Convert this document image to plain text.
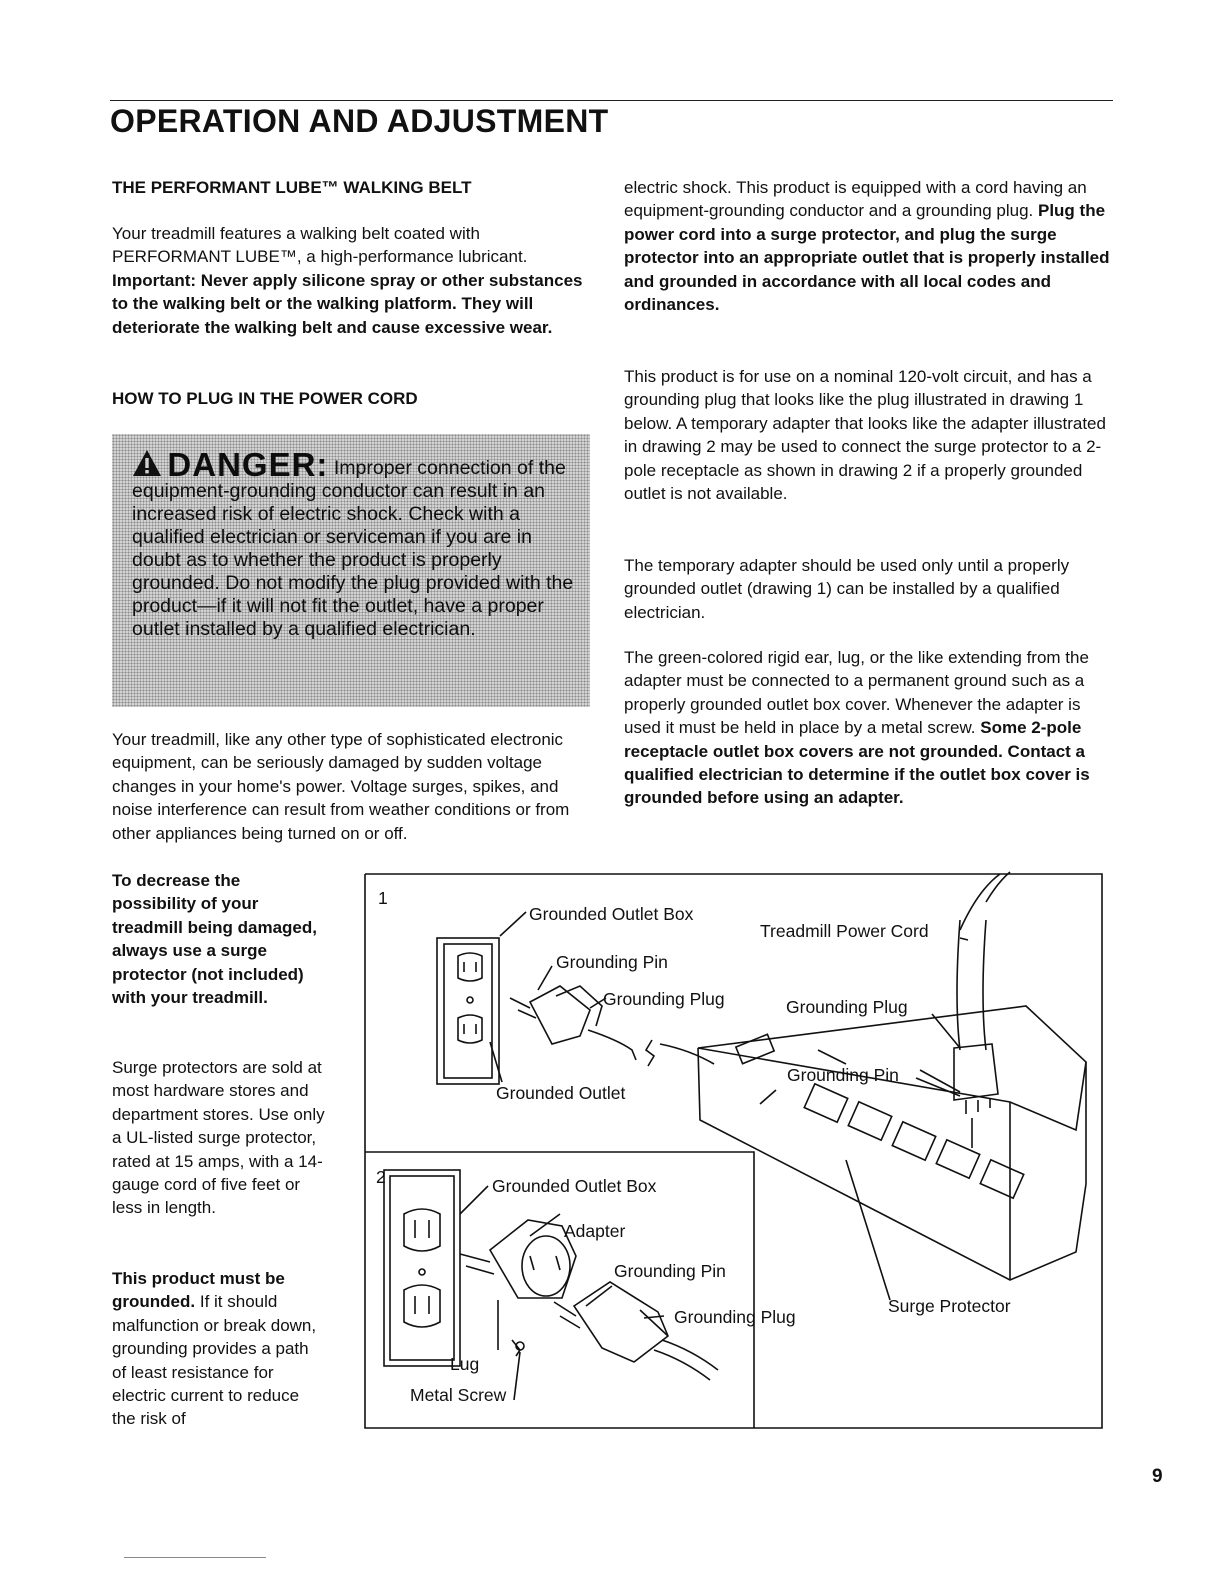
OPERATION AND ADJUSTMENT
THE PERFORMANT LUBE™ WALKING BELT
Your treadmill features a walking belt coated with PERFORMANT LUBE™, a high-performance lubricant. Important: Never apply silicone spray or other substances to the walking belt or the walking platform. They will deteriorate the walking belt and cause excessive wear.
HOW TO PLUG IN THE POWER CORD
DANGER: Improper connection of the equipment-grounding conductor can result in an increased risk of electric shock. Check with a qualified electrician or serviceman if you are in doubt as to whether the product is properly grounded. Do not modify the plug provided with the product—if it will not fit the outlet, have a proper outlet installed by a qualified electrician.
Your treadmill, like any other type of sophisticated electronic equipment, can be seriously damaged by sudden voltage changes in your home's power. Voltage surges, spikes, and noise interference can result from weather conditions or from other appliances being turned on or off.
To decrease the possibility of your treadmill being damaged, always use a surge protector (not included) with your treadmill.
Surge protectors are sold at most hardware stores and department stores. Use only a UL-listed surge protector, rated at 15 amps, with a 14-gauge cord of five feet or less in length.
This product must be grounded. If it should malfunction or break down, grounding provides a path of least resistance for electric current to reduce the risk of
electric shock. This product is equipped with a cord having an equipment-grounding conductor and a grounding plug. Plug the power cord into a surge protector, and plug the surge protector into an appropriate outlet that is properly installed and grounded in accordance with all local codes and ordinances.
This product is for use on a nominal 120-volt circuit, and has a grounding plug that looks like the plug illustrated in drawing 1 below. A temporary adapter that looks like the adapter illustrated in drawing 2 may be used to connect the surge protector to a 2-pole receptacle as shown in drawing 2 if a properly grounded outlet is not available.
The temporary adapter should be used only until a properly grounded outlet (drawing 1) can be installed by a qualified electrician.
The green-colored rigid ear, lug, or the like extending from the adapter must be connected to a permanent ground such as a properly grounded outlet box cover. Whenever the adapter is used it must be held in place by a metal screw. Some 2-pole receptacle outlet box covers are not grounded. Contact a qualified electrician to determine if the outlet box cover is grounded before using an adapter.
1
Grounded Outlet Box
Grounding Pin
Grounding Plug
Grounded Outlet
Treadmill Power Cord
Grounding Plug
Grounding Pin
Surge Protector
2	Grounded Outlet Box
Adapter
Grounding Pin
Grounding Plug
Lug
Metal Screw
9
